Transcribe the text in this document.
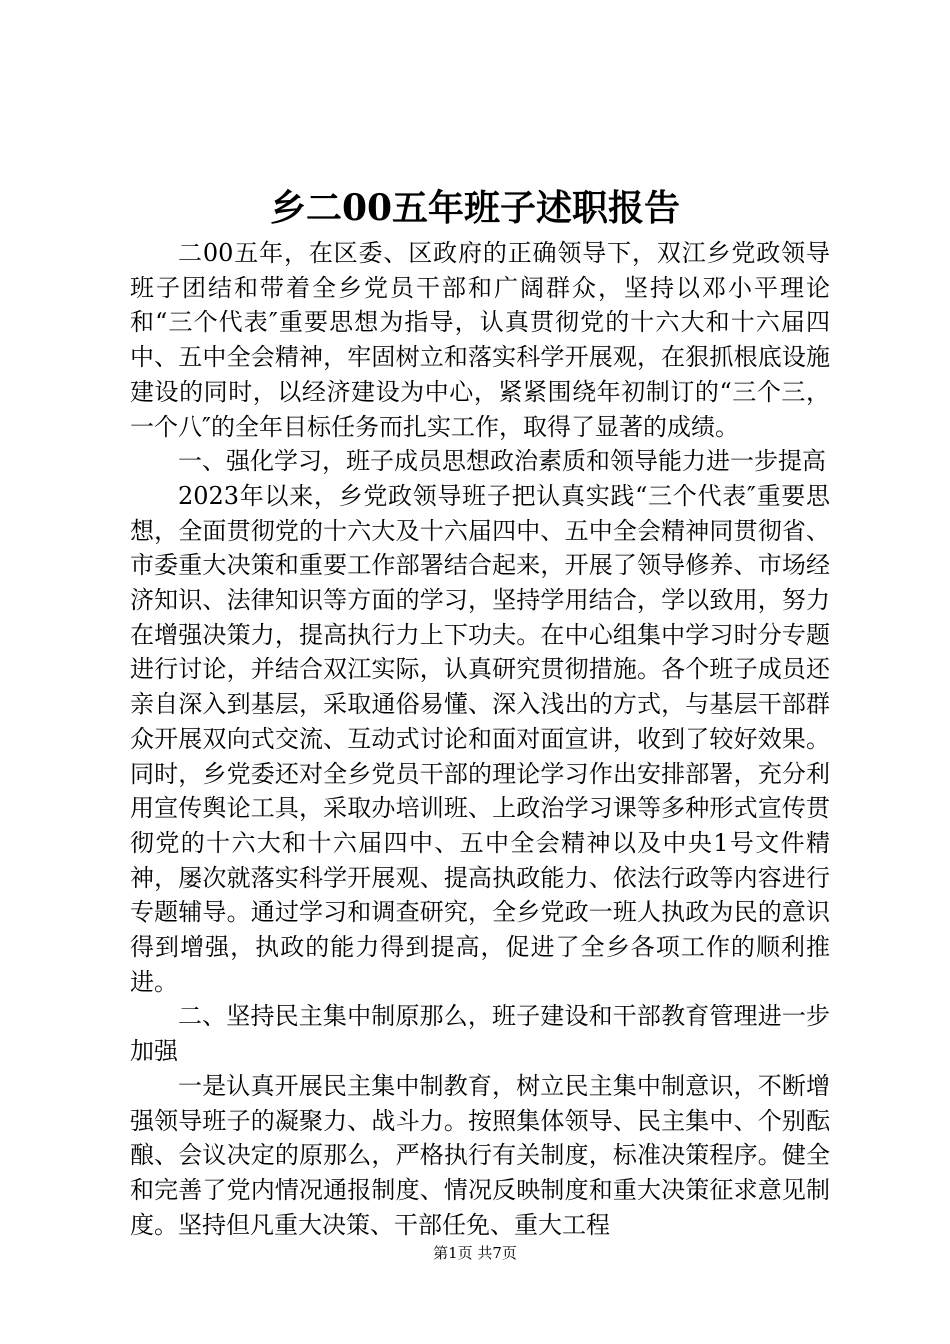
乡二00五年班子述职报告

二00五年，在区委、区政府的正确领导下，双江乡党政领导班子团结和带着全乡党员干部和广阔群众，坚持以邓小平理论和“三个代表″重要思想为指导，认真贯彻党的十六大和十六届四中、五中全会精神，牢固树立和落实科学开展观，在狠抓根底设施建设的同时，以经济建设为中心，紧紧围绕年初制订的“三个三，一个八″的全年目标任务而扎实工作，取得了显著的成绩。

一、强化学习，班子成员思想政治素质和领导能力进一步提高

2023年以来，乡党政领导班子把认真实践“三个代表″重要思想，全面贯彻党的十六大及十六届四中、五中全会精神同贯彻省、市委重大决策和重要工作部署结合起来，开展了领导修养、市场经济知识、法律知识等方面的学习，坚持学用结合，学以致用，努力在增强决策力，提高执行力上下功夫。在中心组集中学习时分专题进行讨论，并结合双江实际，认真研究贯彻措施。各个班子成员还亲自深入到基层，采取通俗易懂、深入浅出的方式，与基层干部群众开展双向式交流、互动式讨论和面对面宣讲，收到了较好效果。同时，乡党委还对全乡党员干部的理论学习作出安排部署，充分利用宣传舆论工具，采取办培训班、上政治学习课等多种形式宣传贯彻党的十六大和十六届四中、五中全会精神以及中央1号文件精神，屡次就落实科学开展观、提高执政能力、依法行政等内容进行专题辅导。通过学习和调查研究，全乡党政一班人执政为民的意识得到增强，执政的能力得到提高，促进了全乡各项工作的顺利推进。

二、坚持民主集中制原那么，班子建设和干部教育管理进一步加强

一是认真开展民主集中制教育，树立民主集中制意识，不断增强领导班子的凝聚力、战斗力。按照集体领导、民主集中、个别酝酿、会议决定的原那么，严格执行有关制度，标准决策程序。健全和完善了党内情况通报制度、情况反映制度和重大决策征求意见制度。坚持但凡重大决策、干部任免、重大工程

第1页 共7页
